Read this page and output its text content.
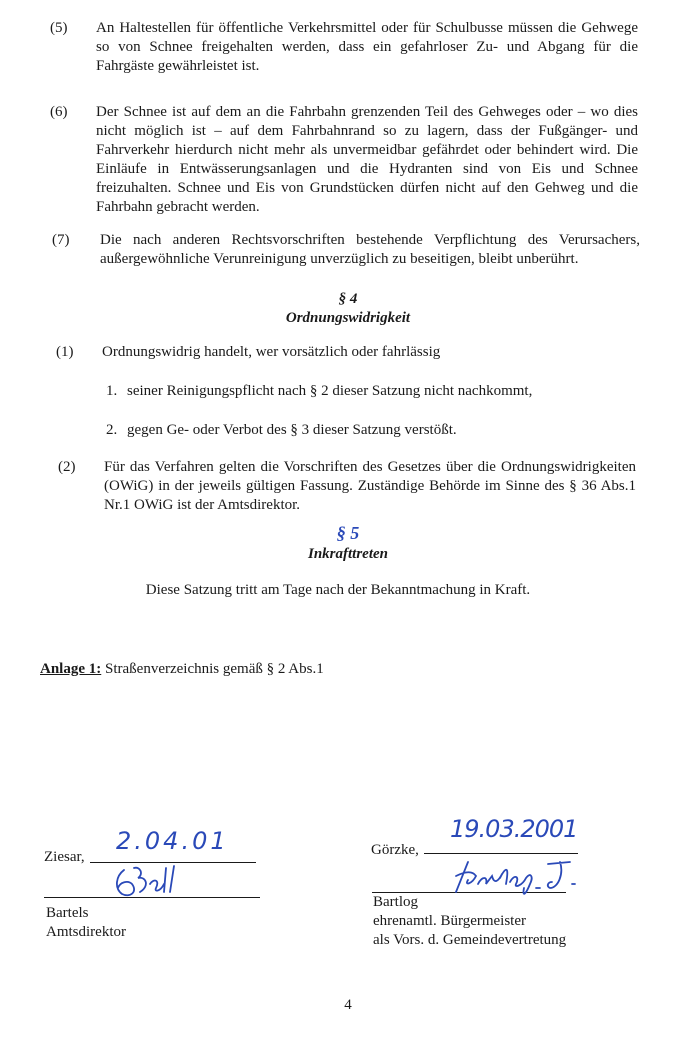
(5) An Haltestellen für öffentliche Verkehrsmittel oder für Schulbusse müssen die Gehwege so von Schnee freigehalten werden, dass ein gefahrloser Zu- und Abgang für die Fahrgäste gewährleistet ist.
(6) Der Schnee ist auf dem an die Fahrbahn grenzenden Teil des Gehweges oder – wo dies nicht möglich ist – auf dem Fahrbahnrand so zu lagern, dass der Fußgänger- und Fahrverkehr hierdurch nicht mehr als unvermeidbar gefährdet oder behindert wird. Die Einläufe in Entwässerungsanlagen und die Hydranten sind von Eis und Schnee freizuhalten. Schnee und Eis von Grundstücken dürfen nicht auf den Gehweg und die Fahrbahn gebracht werden.
(7) Die nach anderen Rechtsvorschriften bestehende Verpflichtung des Verursachers, außergewöhnliche Verunreinigung unverzüglich zu beseitigen, bleibt unberührt.
§ 4
Ordnungswidrigkeit
(1) Ordnungswidrig handelt, wer vorsätzlich oder fahrlässig
1. seiner Reinigungspflicht nach § 2 dieser Satzung nicht nachkommt,
2. gegen Ge- oder Verbot des § 3 dieser Satzung verstößt.
(2) Für das Verfahren gelten die Vorschriften des Gesetzes über die Ordnungswidrigkeiten (OWiG) in der jeweils gültigen Fassung. Zuständige Behörde im Sinne des § 36 Abs.1 Nr.1 OWiG ist der Amtsdirektor.
§ 5
Inkrafttreten
Diese Satzung tritt am Tage nach der Bekanntmachung in Kraft.
Anlage 1: Straßenverzeichnis gemäß § 2 Abs.1
Ziesar,
2.04.01
Bartels
Amtsdirektor
Görzke,
19.03.2001
Bartlog
ehrenamtl. Bürgermeister
als Vors. d. Gemeindevertretung
4
